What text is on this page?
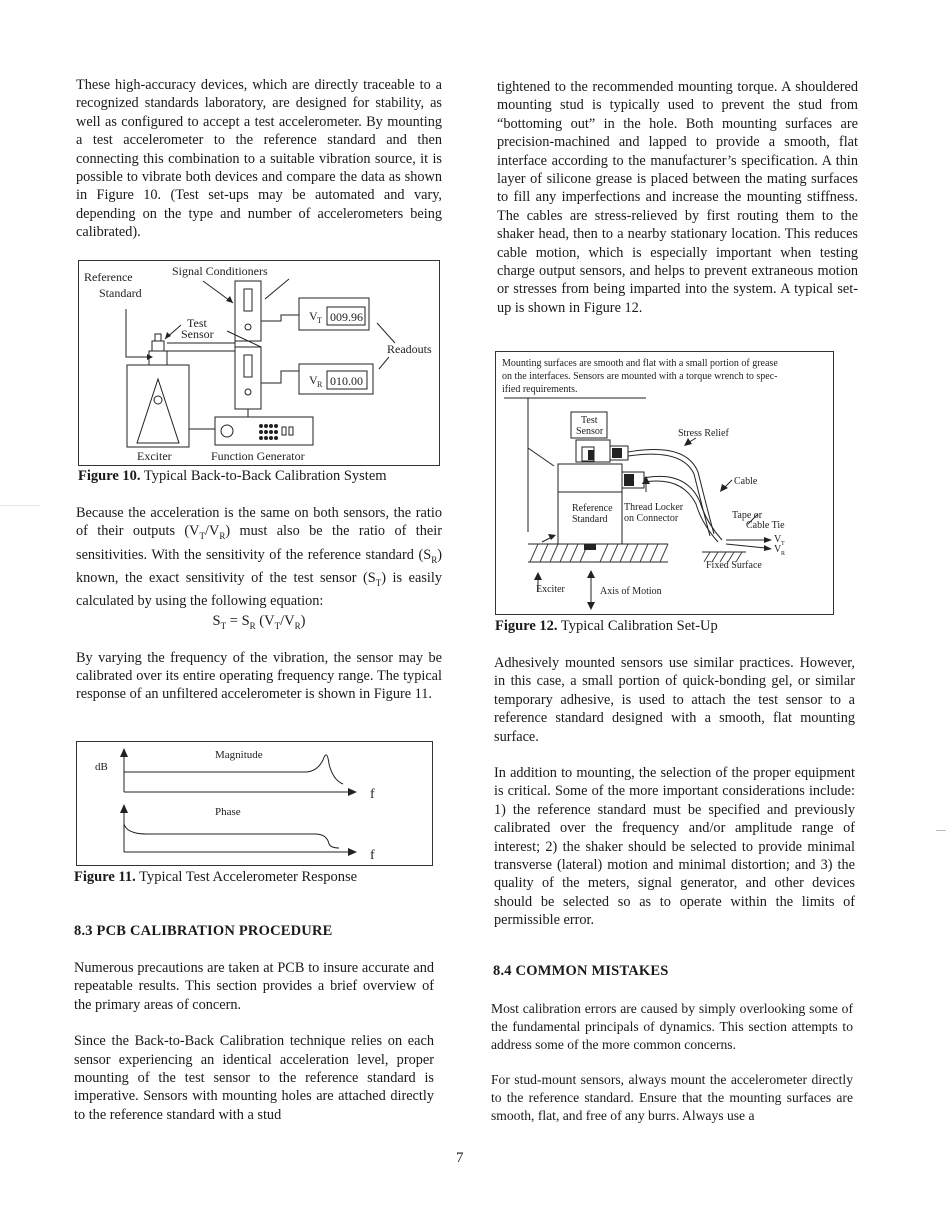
These high-accuracy devices, which are directly traceable to a recognized standards laboratory, are designed for stability, as well as configured to accept a test accelerometer. By mounting a test accelerometer to the reference standard and then connecting this combination to a suitable vibration source, it is possible to vibrate both devices and compare the data as shown in Figure 10. (Test set-ups may be automated and vary, depending on the type and number of accelerometers being calibrated).

Reference
Standard
Signal Conditioners
Test
Sensor
V T 009.96
V R 010.00
Readouts
Exciter	Function Generator
Figure 10. Typical Back-to-Back Calibration System

Because the acceleration is the same on both sensors, the ratio of their outputs $(V_T/V_R)$ must also be the ratio of their sensitivities. With the sensitivity of the reference standard $(S_R)$ known, the exact sensitivity of the test sensor $(S_T)$ is easily calculated by using the following equation:

$S_T = S_R$ $(V_T/V_R)$

By varying the frequency of the vibration, the sensor may be calibrated over its entire operating frequency range. The typical response of an unfiltered accelerometer is shown in Figure 11.

dB
Magnitude
Phase
f
f
Figure 11. Typical Test Accelerometer Response
8.3 PCB CALIBRATION PROCEDURE

Numerous precautions are taken at PCB to insure accurate and repeatable results. This section provides a brief overview of the primary areas of concern.

Since the Back-to-Back Calibration technique relies on each sensor experiencing an identical acceleration level, proper mounting of the test sensor to the reference standard is imperative. Sensors with mounting holes are attached directly to the reference standard with a stud

tightened to the recommended mounting torque. A shouldered mounting stud is typically used to prevent the stud from “bottoming out” in the hole. Both mounting surfaces are precision-machined and lapped to provide a smooth, flat interface according to the manufacturer’s specification. A thin layer of silicone grease is placed between the mating surfaces to fill any imperfections and increase the mounting stiffness. The cables are stress-relieved by first routing them to the shaker head, then to a nearby stationary location. This reduces cable motion, which is especially important when testing charge output sensors, and helps to prevent extraneous motion or stresses from being imparted into the system. A typical set-up is shown in Figure 12.

Mounting surfaces are smooth and flat with a small portion of grease
on the interfaces. Sensors are mounted with a torque wrench to spec-
ified requirements.
Test
Sensor	Stress Relief
Cable
Reference
Standard
Thread Locker
on Connector	Tape or
Cable Tie
V T
V R
Fixed Surface
Exciter	Axis of Motion
Figure 12. Typical Calibration Set-Up

Adhesively mounted sensors use similar practices. However, in this case, a small portion of quick-bonding gel, or similar temporary adhesive, is used to attach the test sensor to a reference standard designed with a smooth, flat mounting surface.

In addition to mounting, the selection of the proper equipment is critical. Some of the more important considerations include: 1) the reference standard must be specified and previously calibrated over the frequency and/or amplitude range of interest; 2) the shaker should be selected to provide minimal transverse (lateral) motion and minimal distortion; and 3) the quality of the meters, signal generator, and other devices should be selected so as to operate within the limits of permissible error.

8.4 COMMON MISTAKES

Most calibration errors are caused by simply overlooking some of the fundamental principals of dynamics. This section attempts to address some of the more common concerns.

For stud-mount sensors, always mount the accelerometer directly to the reference standard. Ensure that the mounting surfaces are smooth, flat, and free of any burrs. Always use a

7
